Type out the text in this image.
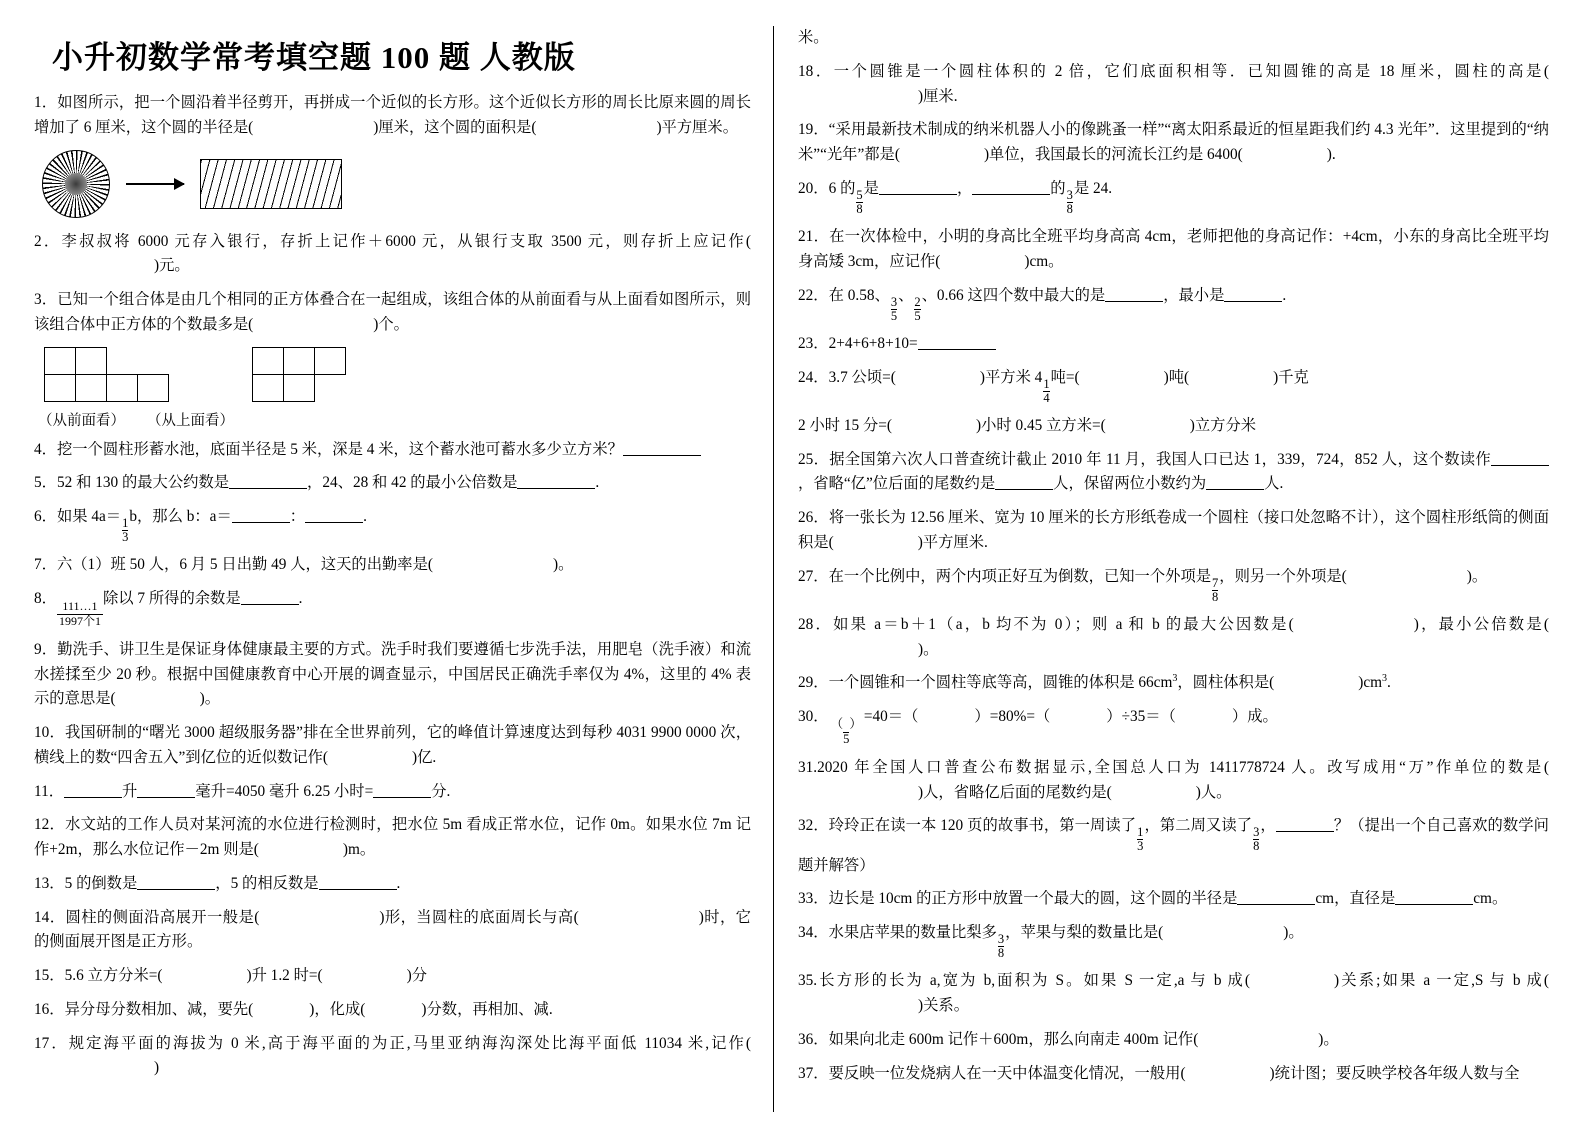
小升初数学常考填空题 100 题 人教版
1．如图所示，把一个圆沿着半径剪开，再拼成一个近似的长方形。这个近似长方形的周长比原来圆的周长增加了 6 厘米，这个圆的半径是(	)厘米，这个圆的面积是(	)平方厘米。
2．李叔叔将 6000 元存入银行，存折上记作＋6000 元，从银行支取 3500 元，则存折上应记作()元。
3．已知一个组合体是由几个相同的正方体叠合在一起组成，该组合体的从前面看与从上面看如图所示，则该组合体中正方体的个数最多是(	)个。
（从前面看） （从上面看）
4．挖一个圆柱形蓄水池，底面半径是 5 米，深是 4 米，这个蓄水池可蓄水多少立方米？
5．52 和 130 的最大公约数是	，24、28 和 42 的最小公倍数是	.
6．如果 4a＝
$\frac{1}{3}$
b，那么 b：a＝	：	.
7．六（1）班 50 人，6 月 5 日出勤 49 人，这天的出勤率是(	)。
8．
$\frac{111\dots 1}{\text{1997个1}}$
除以 7 所得的余数是	.
9．勤洗手、讲卫生是保证身体健康最主要的方式。洗手时我们要遵循七步洗手法，用肥皂（洗手液）和流水搓揉至少 20 秒。根据中国健康教育中心开展的调查显示，中国居民正确洗手率仅为 4%，这里的 4% 表示的意思是(	)。
10．我国研制的“曙光 3000 超级服务器”排在全世界前列，它的峰值计算速度达到每秒 4031 9900 0000 次，横线上的数“四舍五入”到亿位的近似数记作(	)亿.
11．	升	毫升=4050 毫升 6.25 小时=	分.
12．水文站的工作人员对某河流的水位进行检测时，把水位 5m 看成正常水位，记作 0m。如果水位 7m 记作+2m，那么水位记作－2m 则是(	)m。
13．5 的倒数是	，5 的相反数是	.
14．圆柱的侧面沿高展开一般是(	)形，当圆柱的底面周长与高(	)时，它的侧面展开图是正方形。
15．5.6 立方分米=(	)升 1.2 时=(	)分
16．异分母分数相加、减，要先(	)，化成(	)分数，再相加、减.
17．规定海平面的海拔为 0 米,高于海平面的为正,马里亚纳海沟深处比海平面低 11034 米,记作()
米。
18．一个圆锥是一个圆柱体积的 2 倍，它们底面积相等．已知圆锥的高是 18 厘米，圆柱的高是()厘米.
19．“采用最新技术制成的纳米机器人小的像跳蚤一样”“离太阳系最近的恒星距我们约 4.3 光年”．这里提到的“纳米”“光年”都是(	)单位，我国最长的河流长江约是 6400(	).
20．6 的
$\frac{5}{8}$
是	，	的
$\frac{3}{8}$
是 24.
21．在一次体检中，小明的身高比全班平均身高高 4cm，老师把他的身高记作：+4cm，小东的身高比全班平均身高矮 3cm，应记作(	)cm。
22．在 0.58、
$\frac{3}{5}$
、
$\frac{2}{5}$
、0.66 这四个数中最大的是	，最小是	.
23．2+4+6+8+10=
24．3.7 公顷=(	)平方米 4
$\frac{1}{4}$
吨=(	)吨(	)千克
2 小时 15 分=(	)小时 0.45 立方米=(	)立方分米
25．据全国第六次人口普查统计截止 2010 年 11 月，我国人口已达 1，339，724，852 人，这个数读作，省略“亿”位后面的尾数约是	人，保留两位小数约为	人.
26．将一张长为 12.56 厘米、宽为 10 厘米的长方形纸卷成一个圆柱（接口处忽略不计），这个圆柱形纸筒的侧面积是(	)平方厘米.
27．在一个比例中，两个内项正好互为倒数，已知一个外项是
$\frac{7}{8}$
，则另一个外项是(	)。
28．如果 a＝b＋1（a，b 均不为 0）；则 a 和 b 的最大公因数是(	)，最小公倍数是()。
29．一个圆锥和一个圆柱等底等高，圆锥的体积是 $66cm^3$，圆柱体积是(	)$cm^3$.
30．
$\frac{( )}{5}$
=40＝（	）=80%=（	）÷35＝（	）成。
31.2020 年全国人口普查公布数据显示,全国总人口为 1411778724 人。改写成用“万”作单位的数是()人，省略亿后面的尾数约是(	)人。
32．玲玲正在读一本 120 页的故事书，第一周读了
$\frac{1}{3}$
，第二周又读了
$\frac{3}{8}$
，	？（提出一个自己喜欢的数学问题并解答）
33．边长是 10cm 的正方形中放置一个最大的圆，这个圆的半径是	cm，直径是	cm。
34．水果店苹果的数量比梨多
$\frac{3}{8}$
，苹果与梨的数量比是(	)。
35.长方形的长为 a,宽为 b,面积为 S。如果 S 一定,a 与 b 成(	)关系;如果 a 一定,S 与 b 成()关系。
36．如果向北走 600m 记作＋600m，那么向南走 400m 记作(	)。
37．要反映一位发烧病人在一天中体温变化情况，一般用(	)统计图；要反映学校各年级人数与全
